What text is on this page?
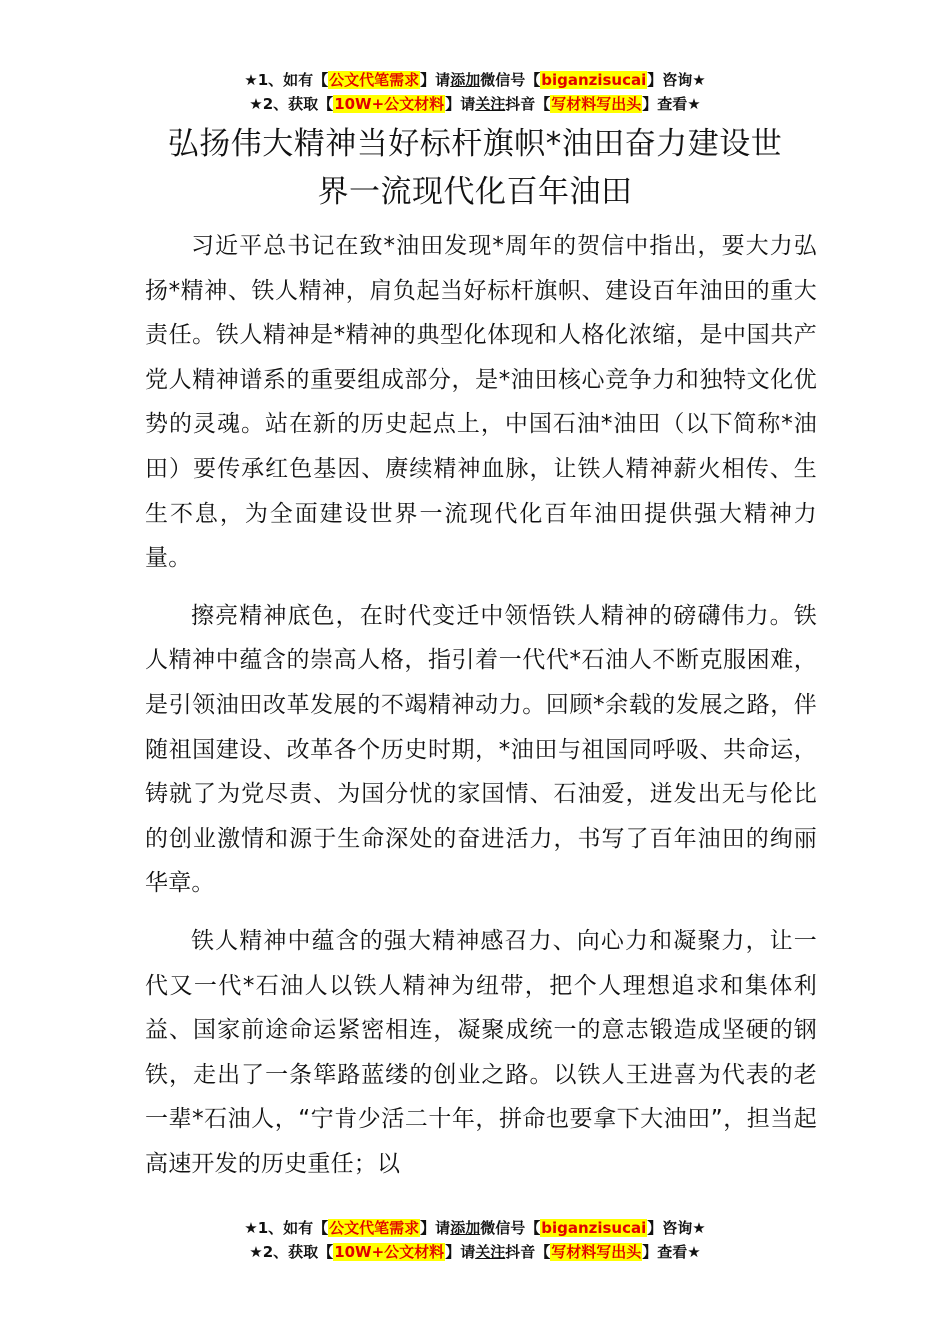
★1、如有【公文代笔需求】请添加微信号【biganzisucai】咨询★
★2、获取【10W+公文材料】请关注抖音【写材料写出头】查看★
弘扬伟大精神当好标杆旗帜*油田奋力建设世
界一流现代化百年油田

习近平总书记在致*油田发现*周年的贺信中指出，要大力弘扬*精神、铁人精神，肩负起当好标杆旗帜、建设百年油田的重大责任。铁人精神是*精神的典型化体现和人格化浓缩，是中国共产党人精神谱系的重要组成部分，是*油田核心竞争力和独特文化优势的灵魂。站在新的历史起点上，中国石油*油田（以下简称*油田）要传承红色基因、赓续精神血脉，让铁人精神薪火相传、生生不息，为全面建设世界一流现代化百年油田提供强大精神力量。

擦亮精神底色，在时代变迁中领悟铁人精神的磅礴伟力。铁人精神中蕴含的崇高人格，指引着一代代*石油人不断克服困难，是引领油田改革发展的不竭精神动力。回顾*余载的发展之路，伴随祖国建设、改革各个历史时期，*油田与祖国同呼吸、共命运，铸就了为党尽责、为国分忧的家国情、石油爱，迸发出无与伦比的创业激情和源于生命深处的奋进活力，书写了百年油田的绚丽华章。

铁人精神中蕴含的强大精神感召力、向心力和凝聚力，让一代又一代*石油人以铁人精神为纽带，把个人理想追求和集体利益、国家前途命运紧密相连，凝聚成统一的意志锻造成坚硬的钢铁，走出了一条筚路蓝缕的创业之路。以铁人王进喜为代表的老一辈*石油人，“宁肯少活二十年，拼命也要拿下大油田”，担当起高速开发的历史重任；以

★1、如有【公文代笔需求】请添加微信号【biganzisucai】咨询★
★2、获取【10W+公文材料】请关注抖音【写材料写出头】查看★
